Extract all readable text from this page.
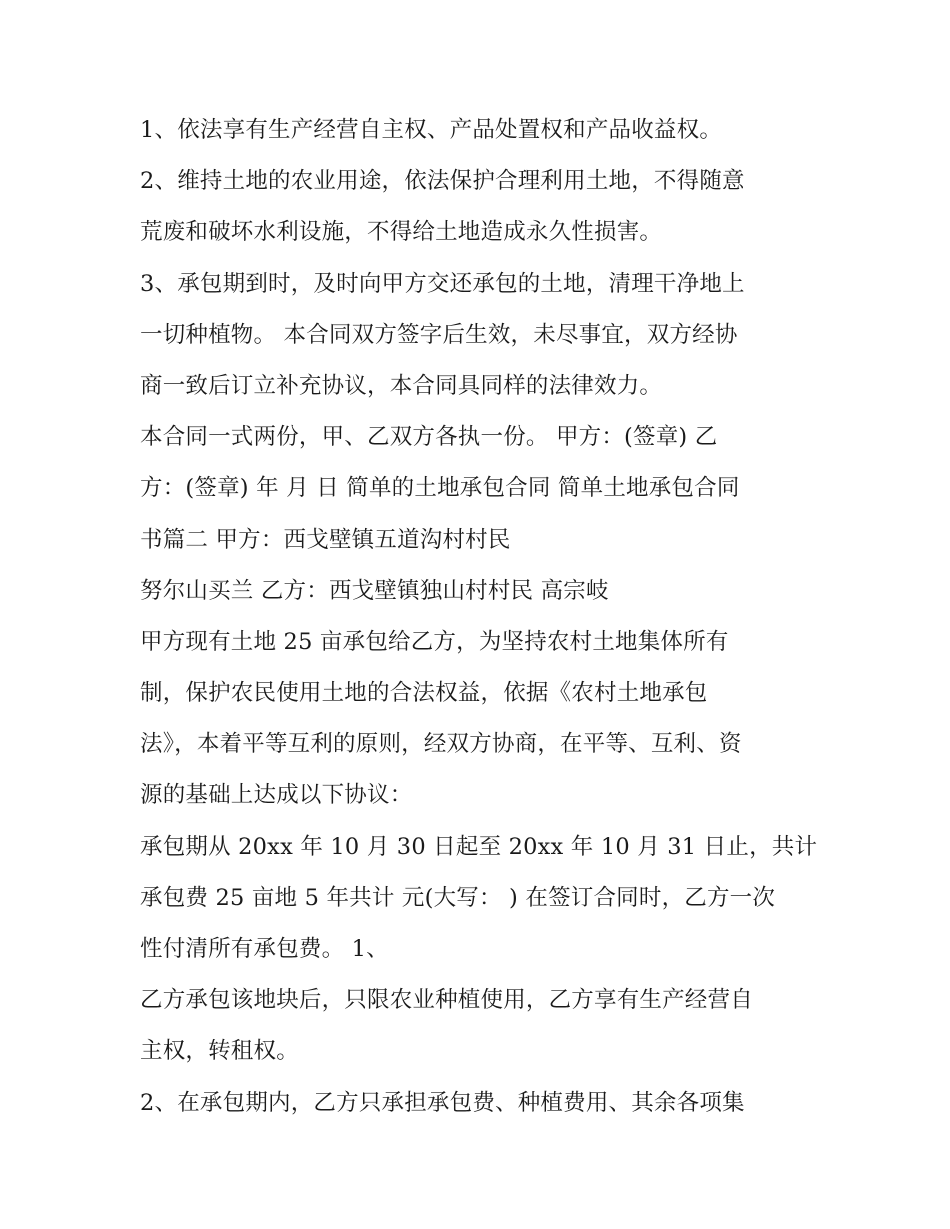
1、依法享有生产经营自主权、产品处置权和产品收益权。
2、维持土地的农业用途，依法保护合理利用土地，不得随意
荒废和破坏水利设施，不得给土地造成永久性损害。
3、承包期到时，及时向甲方交还承包的土地，清理干净地上
一切种植物。 本合同双方签字后生效，未尽事宜，双方经协
商一致后订立补充协议，本合同具同样的法律效力。
本合同一式两份，甲、乙双方各执一份。 甲方：(签章) 乙
方：(签章) 年 月 日 简单的土地承包合同 简单土地承包合同
书篇二 甲方：西戈壁镇五道沟村村民
努尔山买兰 乙方：西戈壁镇独山村村民 高宗岐
甲方现有土地 25 亩承包给乙方，为坚持农村土地集体所有
制，保护农民使用土地的合法权益，依据《农村土地承包
法》，本着平等互利的原则，经双方协商，在平等、互利、资
源的基础上达成以下协议：
承包期从 20xx 年 10 月 30 日起至 20xx 年 10 月 31 日止，共计
承包费 25 亩地 5 年共计 元(大写： ) 在签订合同时，乙方一次
性付清所有承包费。 1、
乙方承包该地块后，只限农业种植使用，乙方享有生产经营自
主权，转租权。
2、在承包期内，乙方只承担承包费、种植费用、其余各项集
